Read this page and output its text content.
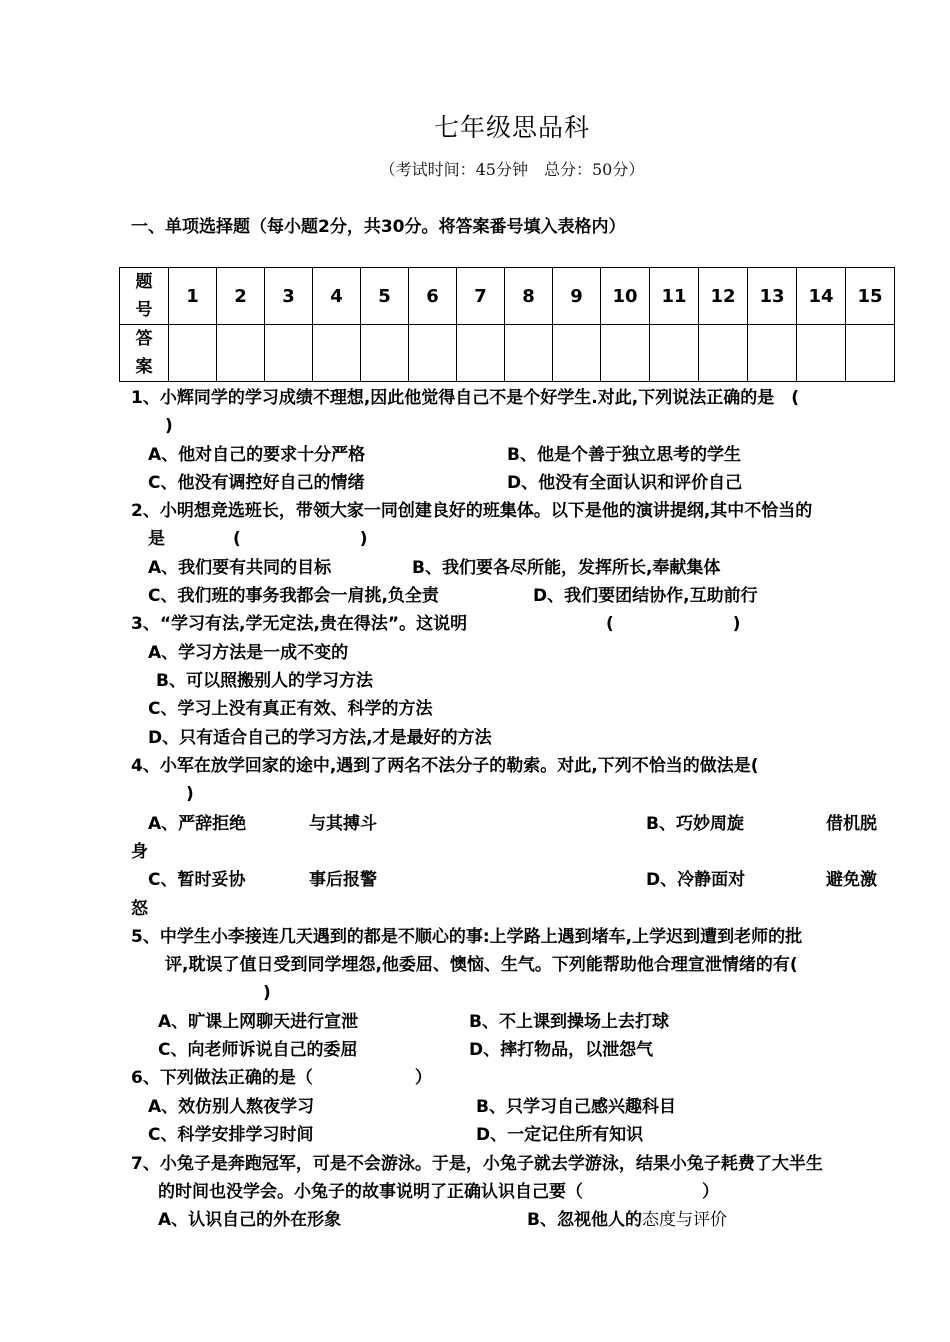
七年级思品科
（考试时间：45分钟　总分：50分）
一、单项选择题（每小题2分，共30分。将答案番号填入表格内）
题
号	1	2	3	4	5	6	7	8	9	10	11	12	13	14	15

答
案															

1、小辉同学的学习成绩不理想,因此他觉得自己不是个好学生.对此,下列说法正确的是　(
)
A、他对自己的要求十分严格	B、他是个善于独立思考的学生
C、他没有调控好自己的情绪	D、他没有全面认识和评价自己
2、小明想竞选班长，带领大家一同创建良好的班集体。以下是他的演讲提纲,其中不恰当的
是　　　　(　　　　　　　)
A、我们要有共同的目标	B、我们要各尽所能，发挥所长,奉献集体
C、我们班的事务我都会一肩挑,负全责	D、我们要团结协作,互助前行
3、“学习有法,学无定法,贵在得法”。这说明	(　　　　　　　)
A、学习方法是一成不变的
B、可以照搬别人的学习方法
C、学习上没有真正有效、科学的方法
D、只有适合自己的学习方法,才是最好的方法
4、小军在放学回家的途中,遇到了两名不法分子的勒索。对此,下列不恰当的做法是(
)
A、严辞拒绝	与其搏斗	B、巧妙周旋	借机脱
身
C、暂时妥协	事后报警	D、冷静面对	避免激
怒
5、中学生小李接连几天遇到的都是不顺心的事:上学路上遇到堵车,上学迟到遭到老师的批
评,耽误了值日受到同学埋怨,他委屈、懊恼、生气。下列能帮助他合理宣泄情绪的有(
)
A、旷课上网聊天进行宣泄	B、不上课到操场上去打球
C、向老师诉说自己的委屈	D、摔打物品，以泄怨气
6、下列做法正确的是（　　　　　　）
A、效仿别人熬夜学习	B、只学习自己感兴趣科目
C、科学安排学习时间	D、一定记住所有知识
7、小兔子是奔跑冠军，可是不会游泳。于是，小兔子就去学游泳，结果小兔子耗费了大半生
的时间也没学会。小兔子的故事说明了正确认识自己要（　　　　　　　）
A、认识自己的外在形象	B、忽视他人的态度与评价
